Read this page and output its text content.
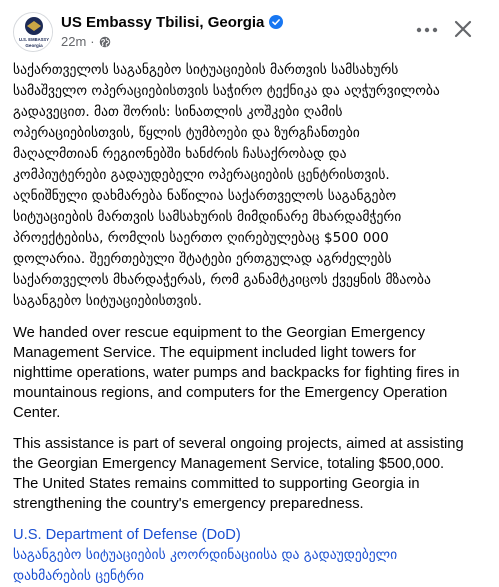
U.S. EMBASSY
Georgia
US Embassy Tbilisi, Georgia
22m ·

საქართველოს საგანგებო სიტუაციების მართვის სამსახურს
სამაშველო ოპერაციებისთვის საჭირო ტექნიკა და აღჭურვილობა
გადავეცით. მათ შორის: სინათლის კოშკები ღამის
ოპერაციებისთვის, წყლის ტუმბოები და ზურგჩანთები
მაღალმთიან რეგიონებში ხანძრის ჩასაქრობად და
კომპიუტერები გადაუდებელი ოპერაციების ცენტრისთვის.
აღნიშნული დახმარება ნაწილია საქართველოს საგანგებო
სიტუაციების მართვის სამსახურის მიმდინარე მხარდამჭერი
პროექტებისა, რომლის საერთო ღირებულებაც $500 000
დოლარია. შეერთებული შტატები ერთგულად აგრძელებს
საქართველოს მხარდაჭერას, რომ განამტკიცოს ქვეყნის მზაობა
საგანგებო სიტუაციებისთვის.

We handed over rescue equipment to the Georgian Emergency
Management Service. The equipment included light towers for
nighttime operations, water pumps and backpacks for fighting fires in
mountainous regions, and computers for the Emergency Operation
Center.

This assistance is part of several ongoing projects, aimed at assisting
the Georgian Emergency Management Service, totaling $500,000.
The United States remains committed to supporting Georgia in
strengthening the country's emergency preparedness.

U.S. Department of Defense (DoD)
საგანგებო სიტუაციების კოორდინაციისა და გადაუდებელი
დახმარების ცენტრი
